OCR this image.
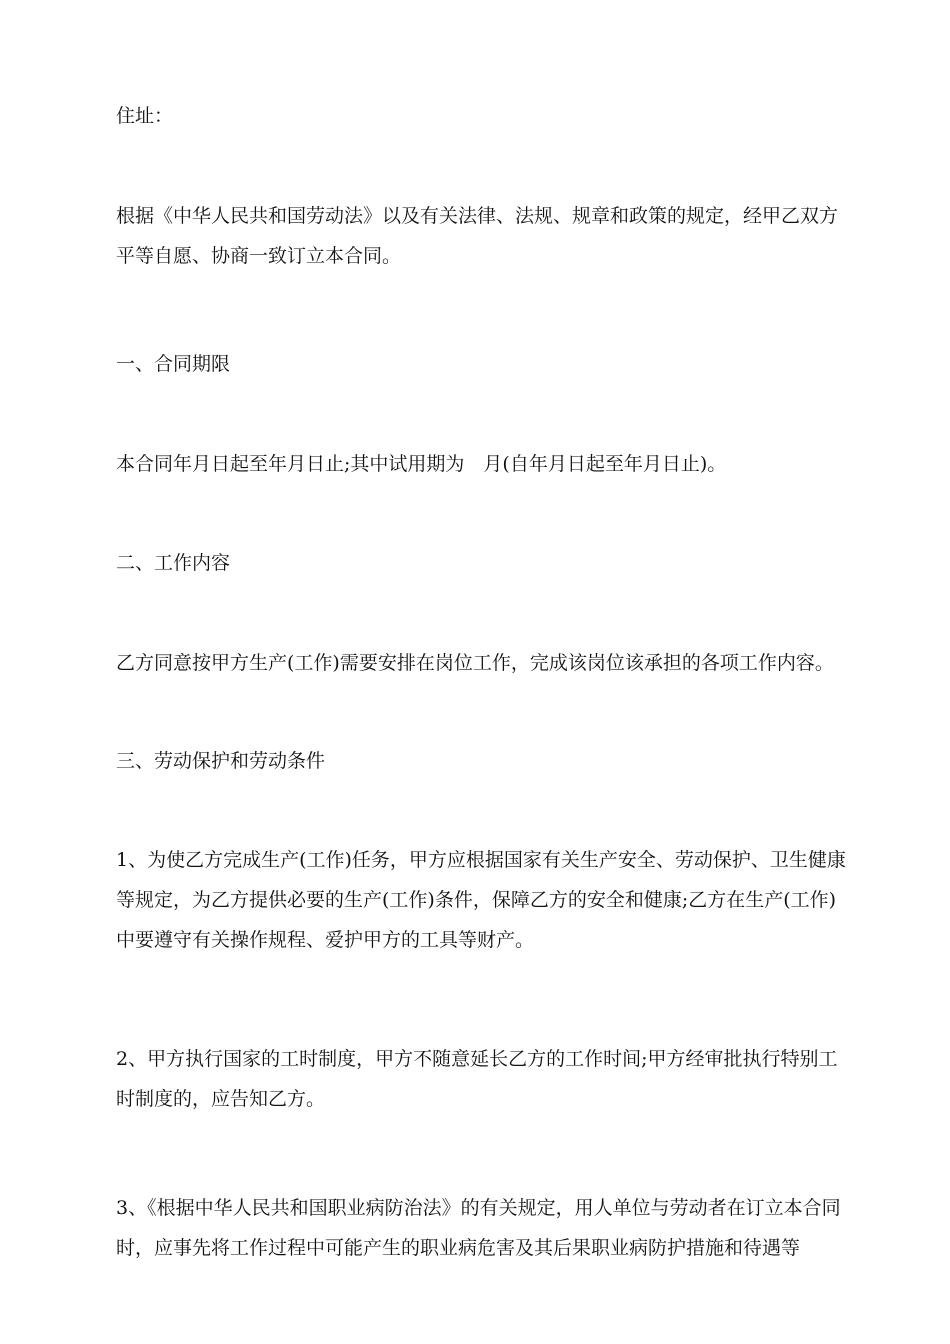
住址：

根据《中华人民共和国劳动法》以及有关法律、法规、规章和政策的规定，经甲乙双方平等自愿、协商一致订立本合同。

一、合同期限

本合同年月日起至年月日止;其中试用期为　月(自年月日起至年月日止)。

二、工作内容

乙方同意按甲方生产(工作)需要安排在岗位工作，完成该岗位该承担的各项工作内容。

三、劳动保护和劳动条件

1、为使乙方完成生产(工作)任务，甲方应根据国家有关生产安全、劳动保护、卫生健康等规定，为乙方提供必要的生产(工作)条件，保障乙方的安全和健康;乙方在生产(工作)中要遵守有关操作规程、爱护甲方的工具等财产。

2、甲方执行国家的工时制度，甲方不随意延长乙方的工作时间;甲方经审批执行特别工时制度的，应告知乙方。

3、《根据中华人民共和国职业病防治法》的有关规定，用人单位与劳动者在订立本合同时，应事先将工作过程中可能产生的职业病危害及其后果职业病防护措施和待遇等
